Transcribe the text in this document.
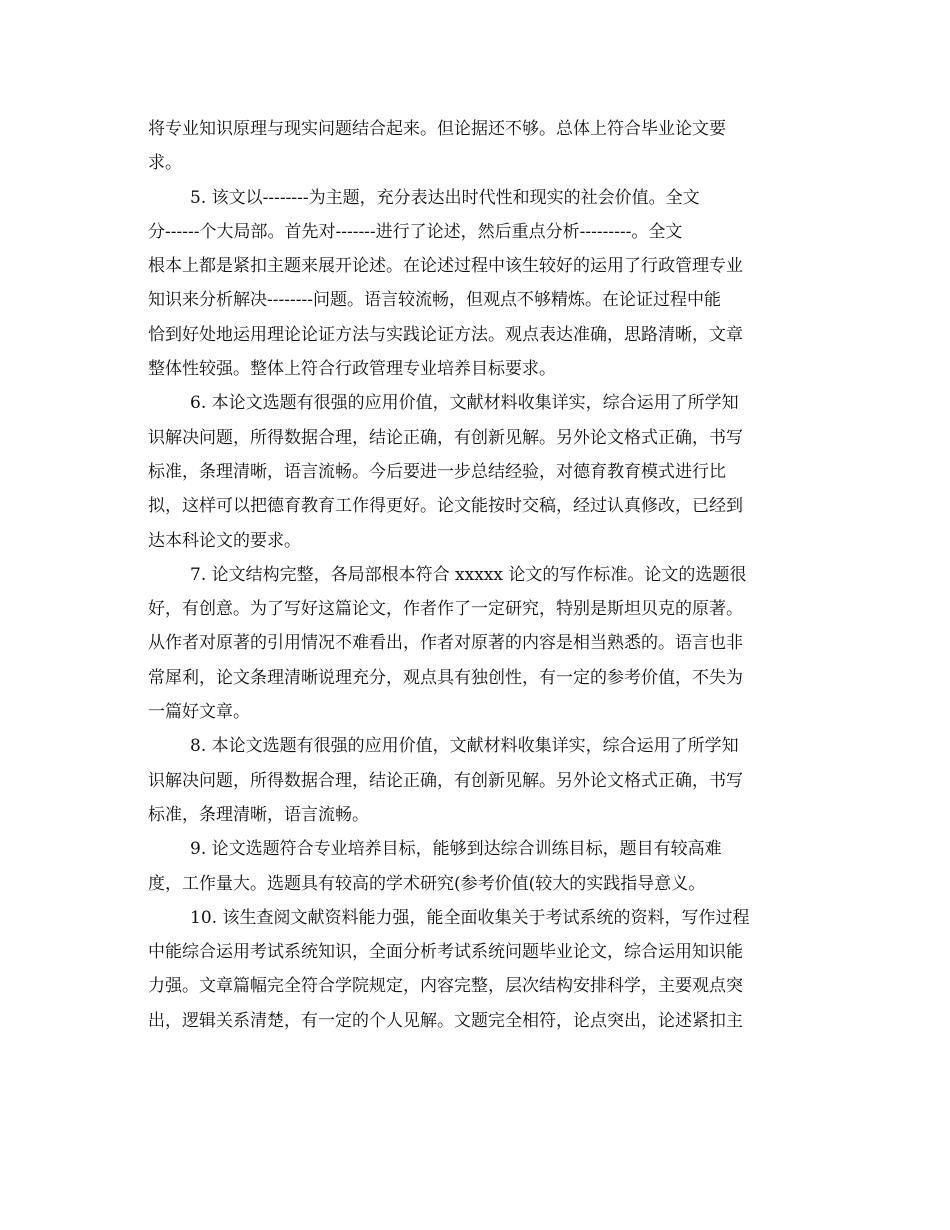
将专业知识原理与现实问题结合起来。但论据还不够。总体上符合毕业论文要
求。

5. 该文以--------为主题，充分表达出时代性和现实的社会价值。全文
分------个大局部。首先对-------进行了论述，然后重点分析---------。全文
根本上都是紧扣主题来展开论述。在论述过程中该生较好的运用了行政管理专业
知识来分析解决--------问题。语言较流畅，但观点不够精炼。在论证过程中能
恰到好处地运用理论论证方法与实践论证方法。观点表达准确，思路清晰，文章
整体性较强。整体上符合行政管理专业培养目标要求。

6. 本论文选题有很强的应用价值，文献材料收集详实，综合运用了所学知
识解决问题，所得数据合理，结论正确，有创新见解。另外论文格式正确，书写
标准，条理清晰，语言流畅。今后要进一步总结经验，对德育教育模式进行比
拟，这样可以把德育教育工作得更好。论文能按时交稿，经过认真修改，已经到
达本科论文的要求。

7. 论文结构完整，各局部根本符合 xxxxx 论文的写作标准。论文的选题很
好，有创意。为了写好这篇论文，作者作了一定研究，特别是斯坦贝克的原著。
从作者对原著的引用情况不难看出，作者对原著的内容是相当熟悉的。语言也非
常犀利，论文条理清晰说理充分，观点具有独创性，有一定的参考价值，不失为
一篇好文章。

8. 本论文选题有很强的应用价值，文献材料收集详实，综合运用了所学知
识解决问题，所得数据合理，结论正确，有创新见解。另外论文格式正确，书写
标准，条理清晰，语言流畅。

9. 论文选题符合专业培养目标，能够到达综合训练目标，题目有较高难
度，工作量大。选题具有较高的学术研究(参考价值(较大的实践指导意义。

10. 该生查阅文献资料能力强，能全面收集关于考试系统的资料，写作过程
中能综合运用考试系统知识，全面分析考试系统问题毕业论文，综合运用知识能
力强。文章篇幅完全符合学院规定，内容完整，层次结构安排科学，主要观点突
出，逻辑关系清楚，有一定的个人见解。文题完全相符，论点突出，论述紧扣主
